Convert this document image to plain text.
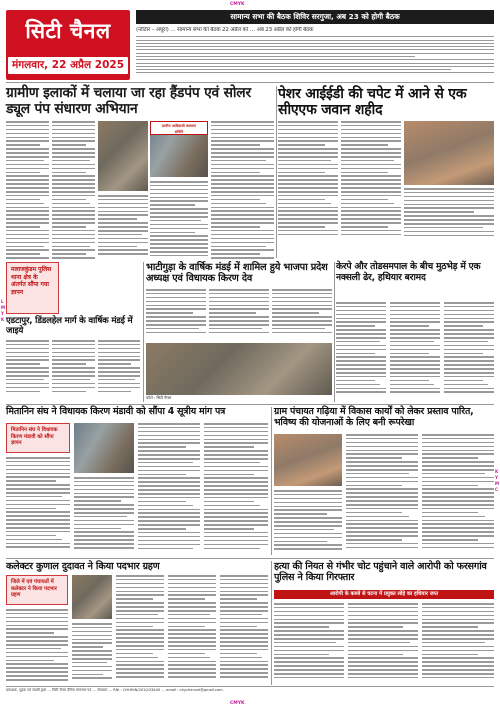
CMYK
CMYK
सिटी चैनल
मंगलवार, 22 अप्रैल 2025
सामान्य सभा की बैठक शिविर सरगुजा, अब 23 को होगी बैठक
(नोटिस – अधूरा) … सामान्य सभा की बैठक 22 अप्रैल को … अब 23 अप्रैल को होगी बैठक
ग्रामीण इलाकों में चलाया जा रहा हैंडपंप एवं सोलर ड्यूल पंप संधारण अभियान
पेशर आईईडी की चपेट में आने से एक सीएएफ जवान शहीद
ग्रामीण आदिवासी कल्याण
समिति
मलाजकुंडम पुलिस थाना क्षेत्र के अंतर्गत सौंपा गया ज्ञापन
एडटापुर, डिंडलहेल मार्ग के वार्षिक मंडई में जाइये
भाटीगुड़ा के वार्षिक मंडई में शामिल हुये भाजपा प्रदेश अध्यक्ष एवं विधायक किरण देव
फोटो : सिटी चैनल
केरपे और तोडसमपाल के बीच मुठभेड़ में एक नक्सली ढेर, हथियार बरामद
मितानिन संघ ने विधायक किरण मंडावी को सौंपा 4 सूत्रीय मांग पत्र	ग्राम पंचायत गढ़िया में विकास कार्यों को लेकर प्रस्ताव पारित, भविष्य की योजनाओं के लिए बनी रूपरेखा
मितानिन संघ ने विधायक किरण मंडावी को सौंपा ज्ञापन
कलेक्टर कुणाल दुदावत ने किया पदभार ग्रहण	हत्या की नियत से गंभीर चोट पहुंचाने वाले आरोपी को फरसगांव पुलिस ने किया गिरफ्तार
आरोपी के कब्जे से घटना में प्रयुक्त लोहे का हथियार जप्त
जिले में एवं पंचायतों में कलेक्टर ने किया पदभार ग्रहण
L
M
Y
K
K
Y
M
C
प्रकाशक, मुद्रक एवं स्वामी द्वारा … सिटी चैनल दैनिक समाचार पत्र … संपादक … RNI : CHHHIN/2010/33440 … email : citychannel@gmail.com
